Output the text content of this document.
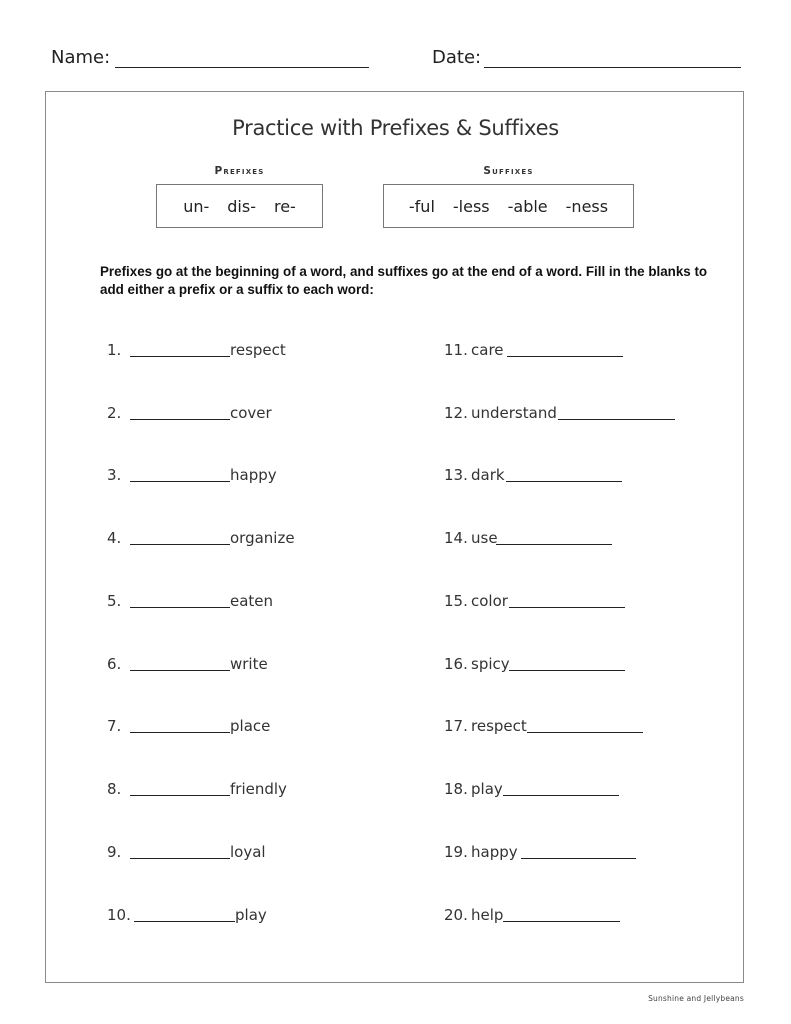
Name:	Date:
Practice with Prefixes & Suffixes
Prefixes	Suffixes
un- dis- re-	-ful -less -able -ness
Prefixes go at the beginning of a word, and suffixes go at the end of a word. Fill in the blanks to add either a prefix or a suffix to each word:
1.	respect
2.	cover
3.	happy
4.	organize
5.	eaten
6.	write
7.	place
8.	friendly
9.	loyal
10.	play
11. care
12. understand
13. dark
14. use
15. color
16. spicy
17. respect
18. play
19. happy
20. help
Sunshine and Jellybeans
